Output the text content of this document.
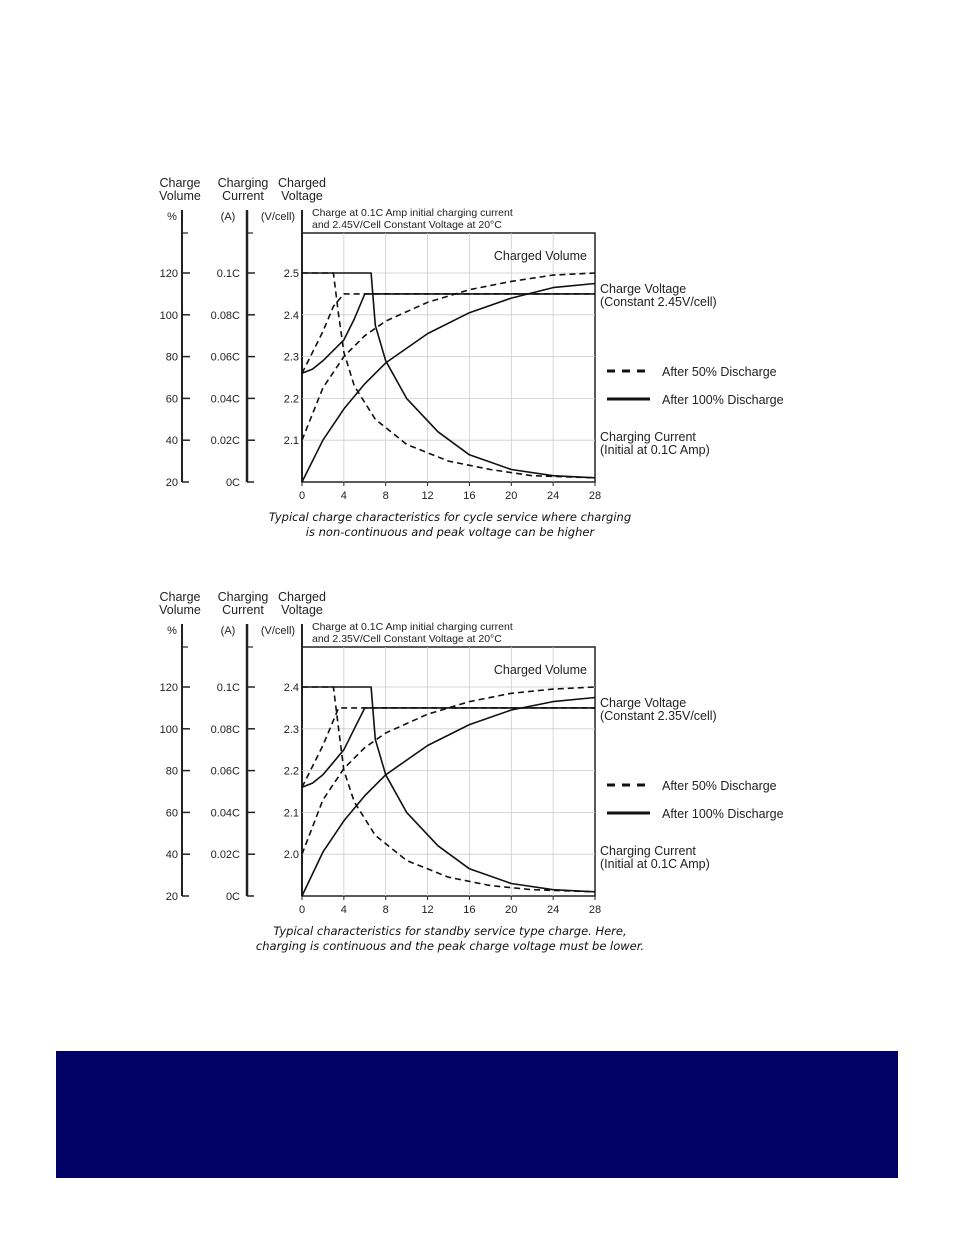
Charge
Volume
Charging
Current
Charged
Voltage
%	(A) (V/cell)
120
100
80
60
40
20
0.1C
0.08C
0.06C
0.04C
0.02C
0C
2.5
2.4
2.3
2.2
2.1
0	4	8	12	16	20	24	28
Charge at 0.1C Amp initial charging current
and 2.45V/Cell Constant Voltage at 20°C
Charged Volume
Charge Voltage
(Constant 2.45V/cell)
Charging Current
(Initial at 0.1C Amp)
After 50% Discharge
After 100% Discharge
Typical charge characteristics for cycle service where charging
is non-continuous and peak voltage can be higher
Charge
Volume
Charging
Current
Charged
Voltage
%	(A) (V/cell)
120
100
80
60
40
20
0.1C
0.08C
0.06C
0.04C
0.02C
0C
2.4
2.3
2.2
2.1
2.0
0	4	8	12	16	20	24	28
Charge at 0.1C Amp initial charging current
and 2.35V/Cell Constant Voltage at 20°C
Charged Volume
Charge Voltage
(Constant 2.35V/cell)
Charging Current
(Initial at 0.1C Amp)
After 50% Discharge
After 100% Discharge
Typical characteristics for standby service type charge. Here,
charging is continuous and the peak charge voltage must be lower.
